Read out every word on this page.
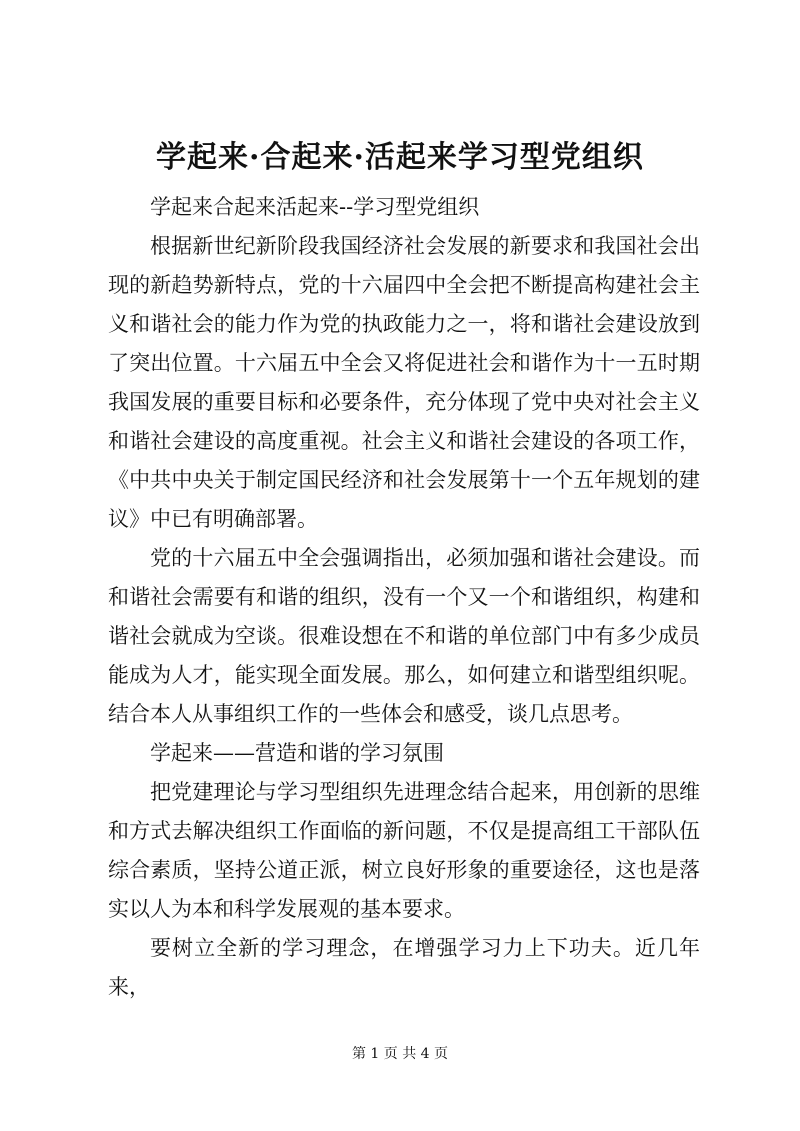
学起来·合起来·活起来学习型党组织

学起来合起来活起来--学习型党组织

根据新世纪新阶段我国经济社会发展的新要求和我国社会出现的新趋势新特点，党的十六届四中全会把不断提高构建社会主义和谐社会的能力作为党的执政能力之一，将和谐社会建设放到了突出位置。十六届五中全会又将促进社会和谐作为十一五时期我国发展的重要目标和必要条件，充分体现了党中央对社会主义和谐社会建设的高度重视。社会主义和谐社会建设的各项工作，《中共中央关于制定国民经济和社会发展第十一个五年规划的建议》中已有明确部署。

党的十六届五中全会强调指出，必须加强和谐社会建设。而和谐社会需要有和谐的组织，没有一个又一个和谐组织，构建和谐社会就成为空谈。很难设想在不和谐的单位部门中有多少成员能成为人才，能实现全面发展。那么，如何建立和谐型组织呢。结合本人从事组织工作的一些体会和感受，谈几点思考。

学起来——营造和谐的学习氛围

把党建理论与学习型组织先进理念结合起来，用创新的思维和方式去解决组织工作面临的新问题，不仅是提高组工干部队伍综合素质，坚持公道正派，树立良好形象的重要途径，这也是落实以人为本和科学发展观的基本要求。

要树立全新的学习理念，在增强学习力上下功夫。近几年来，

第 1 页 共 4 页
